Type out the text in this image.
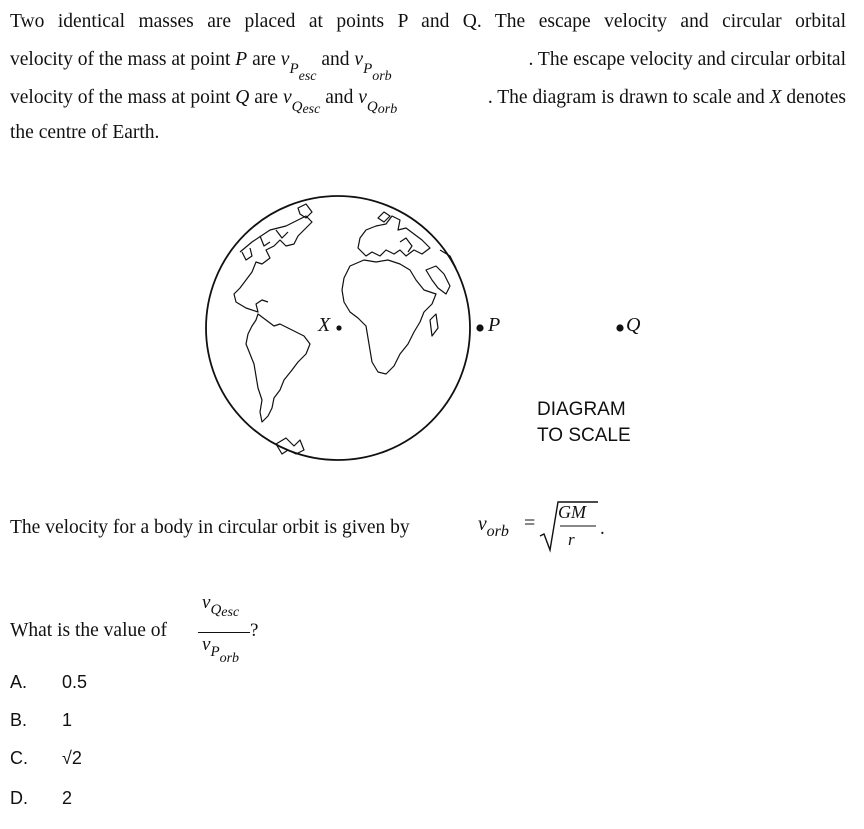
Two identical masses are placed at points P and Q. The escape velocity and circular orbital
velocity of the mass at point P are $v_{Pesc}$ and $v_{Porb}$
. The escape velocity and circular orbital
velocity of the mass at point Q are $v_{Qesc}$ and $v_{Qorb}$
. The diagram is drawn to scale and X denotes
the centre of Earth.
X	P	Q
DIAGRAM
TO SCALE
The velocity for a body in circular orbit is given by	$v_{orb}$ = GM
r
.
What is the value of
$v_{Qesc}$
$v_{Porb}$
?
A. 0.5
B. 1
C. √2
D. 2
